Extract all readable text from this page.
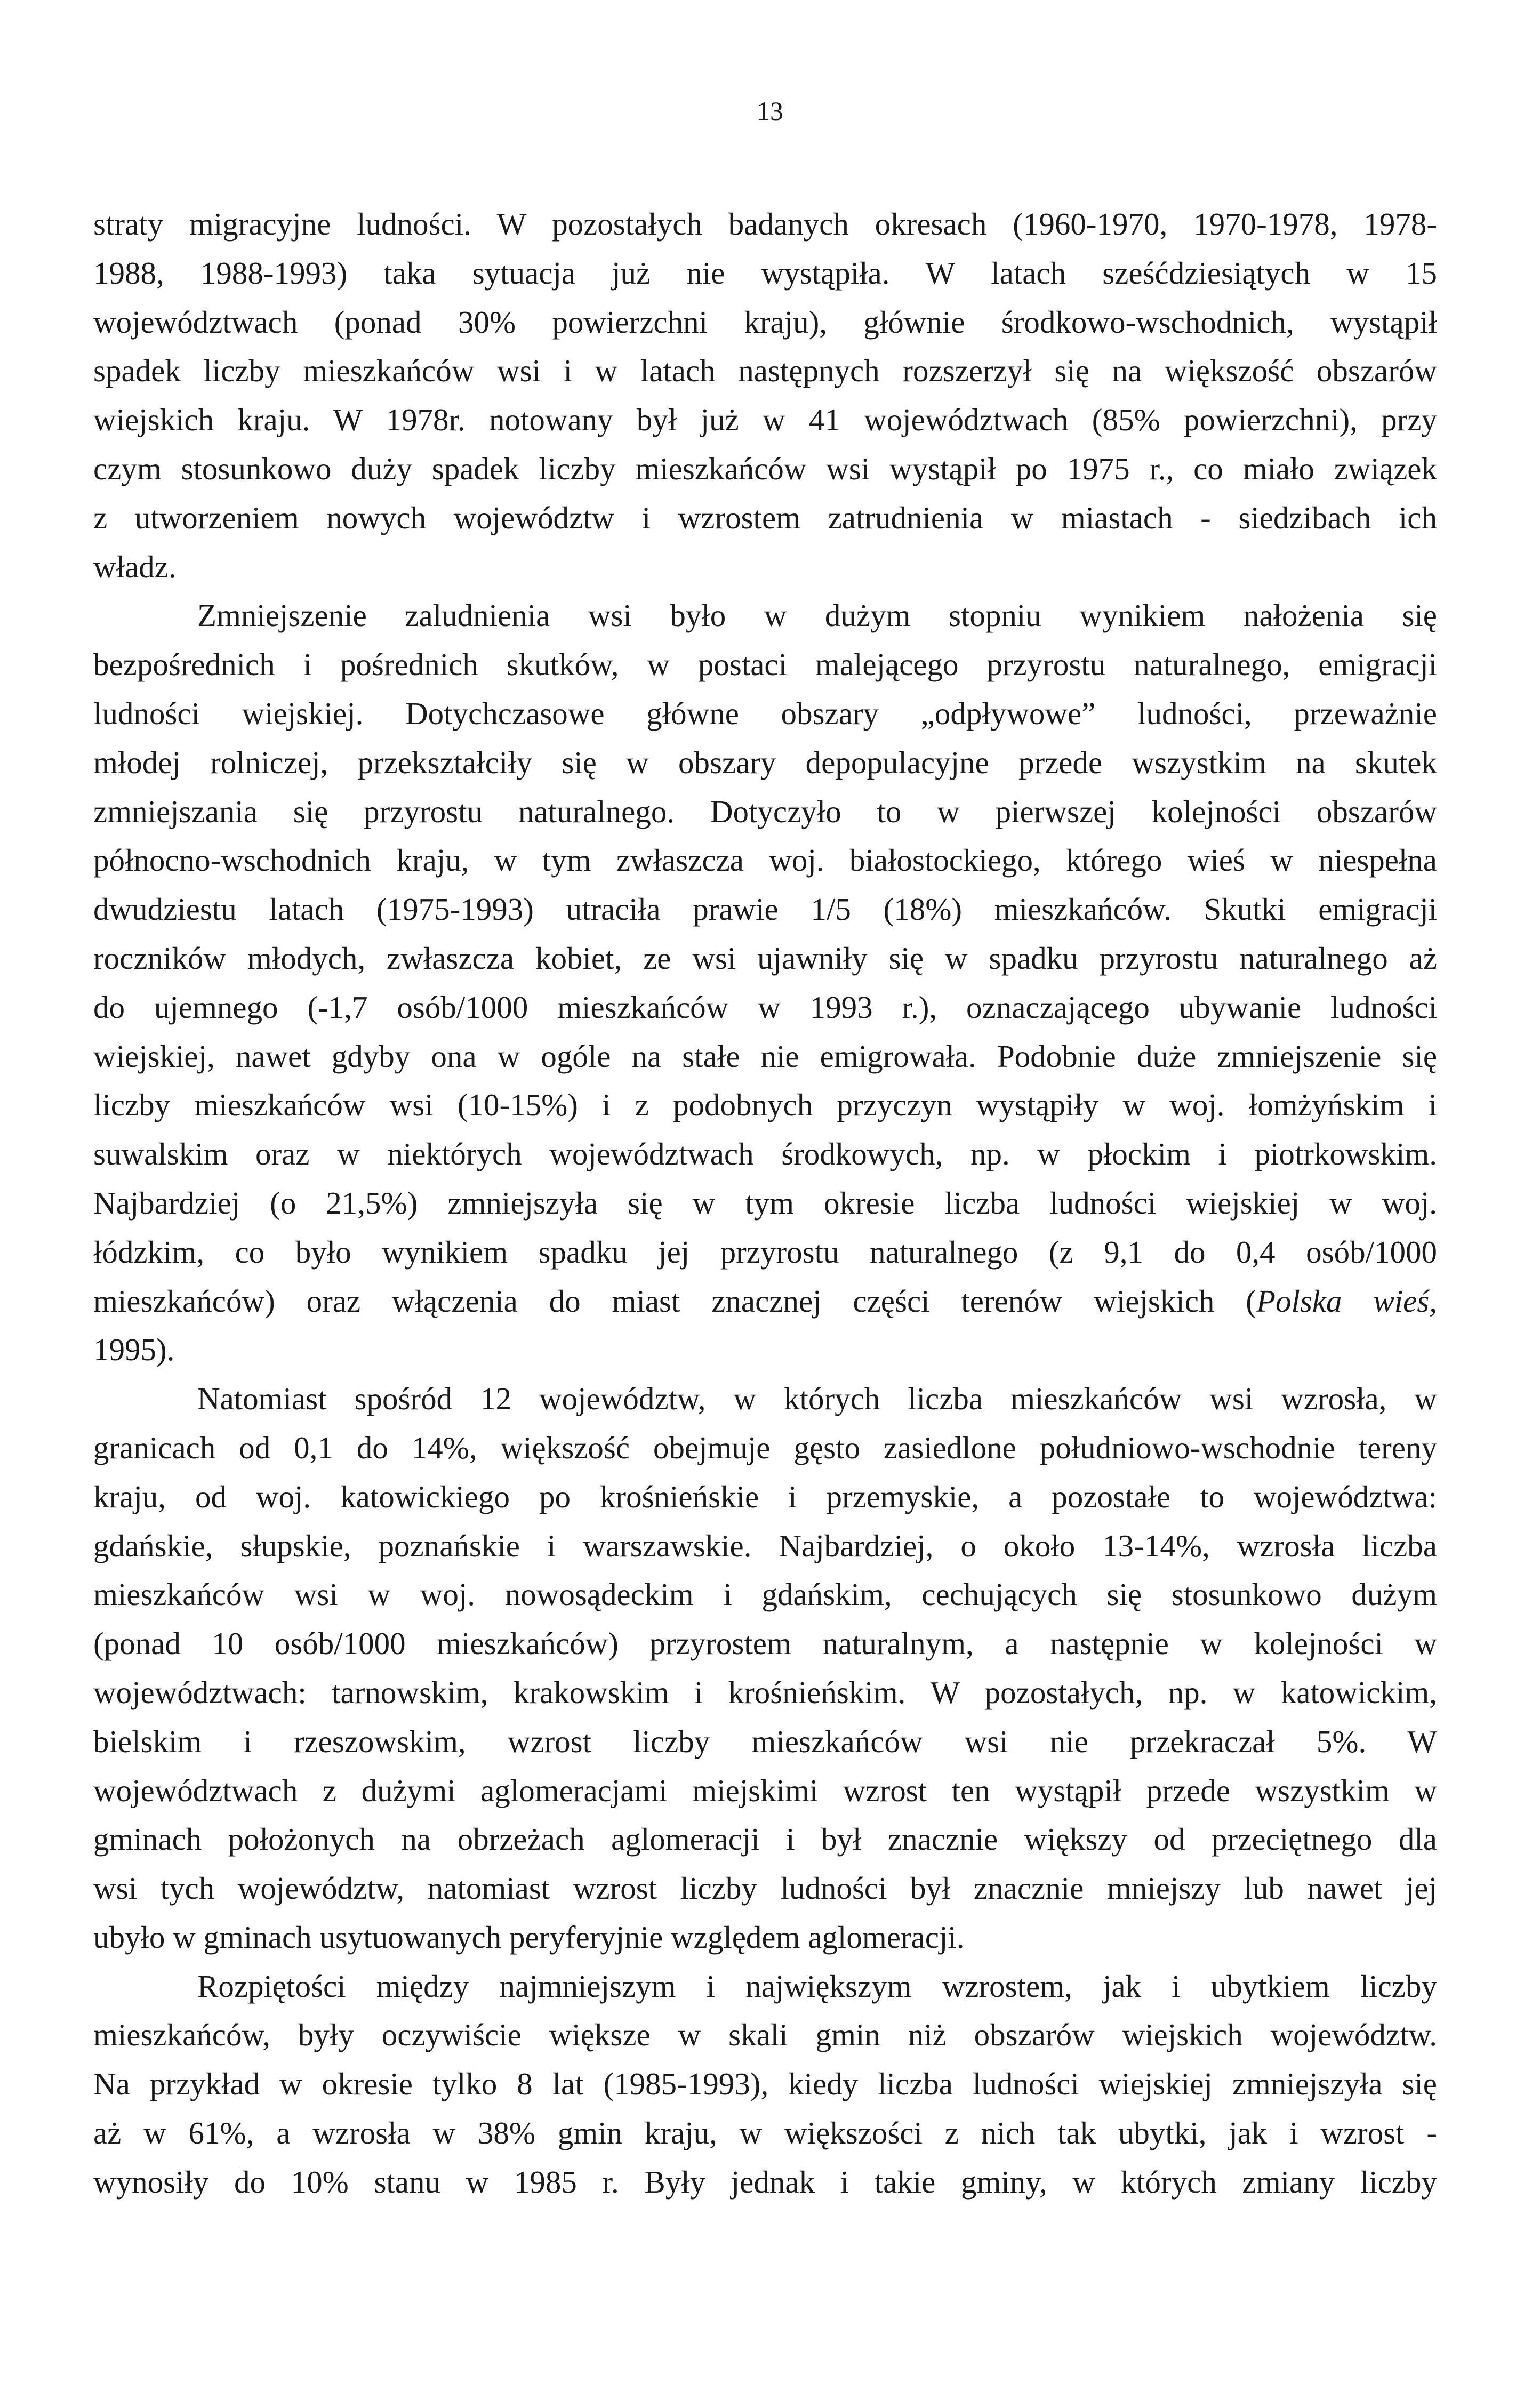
13

straty migracyjne ludności. W pozostałych badanych okresach (1960-1970, 1970-1978, 1978-
1988, 1988-1993) taka sytuacja już nie wystąpiła. W latach sześćdziesiątych w 15
województwach (ponad 30% powierzchni kraju), głównie środkowo-wschodnich, wystąpił
spadek liczby mieszkańców wsi i w latach następnych rozszerzył się na większość obszarów
wiejskich kraju. W 1978r. notowany był już w 41 województwach (85% powierzchni), przy
czym stosunkowo duży spadek liczby mieszkańców wsi wystąpił po 1975 r., co miało związek
z utworzeniem nowych województw i wzrostem zatrudnienia w miastach - siedzibach ich
władz.

Zmniejszenie zaludnienia wsi było w dużym stopniu wynikiem nałożenia się
bezpośrednich i pośrednich skutków, w postaci malejącego przyrostu naturalnego, emigracji
ludności wiejskiej. Dotychczasowe główne obszary „odpływowe” ludności, przeważnie
młodej rolniczej, przekształciły się w obszary depopulacyjne przede wszystkim na skutek
zmniejszania się przyrostu naturalnego. Dotyczyło to w pierwszej kolejności obszarów
północno-wschodnich kraju, w tym zwłaszcza woj. białostockiego, którego wieś w niespełna
dwudziestu latach (1975-1993) utraciła prawie 1/5 (18%) mieszkańców. Skutki emigracji
roczników młodych, zwłaszcza kobiet, ze wsi ujawniły się w spadku przyrostu naturalnego aż
do ujemnego (-1,7 osób/1000 mieszkańców w 1993 r.), oznaczającego ubywanie ludności
wiejskiej, nawet gdyby ona w ogóle na stałe nie emigrowała. Podobnie duże zmniejszenie się
liczby mieszkańców wsi (10-15%) i z podobnych przyczyn wystąpiły w woj. łomżyńskim i
suwalskim oraz w niektórych województwach środkowych, np. w płockim i piotrkowskim.
Najbardziej (o 21,5%) zmniejszyła się w tym okresie liczba ludności wiejskiej w woj.
łódzkim, co było wynikiem spadku jej przyrostu naturalnego (z 9,1 do 0,4 osób/1000
mieszkańców) oraz włączenia do miast znacznej części terenów wiejskich (Polska wieś,
1995).

Natomiast spośród 12 województw, w których liczba mieszkańców wsi wzrosła, w
granicach od 0,1 do 14%, większość obejmuje gęsto zasiedlone południowo-wschodnie tereny
kraju, od woj. katowickiego po krośnieńskie i przemyskie, a pozostałe to województwa:
gdańskie, słupskie, poznańskie i warszawskie. Najbardziej, o około 13-14%, wzrosła liczba
mieszkańców wsi w woj. nowosądeckim i gdańskim, cechujących się stosunkowo dużym
(ponad 10 osób/1000 mieszkańców) przyrostem naturalnym, a następnie w kolejności w
województwach: tarnowskim, krakowskim i krośnieńskim. W pozostałych, np. w katowickim,
bielskim i rzeszowskim, wzrost liczby mieszkańców wsi nie przekraczał 5%. W
województwach z dużymi aglomeracjami miejskimi wzrost ten wystąpił przede wszystkim w
gminach położonych na obrzeżach aglomeracji i był znacznie większy od przeciętnego dla
wsi tych województw, natomiast wzrost liczby ludności był znacznie mniejszy lub nawet jej
ubyło w gminach usytuowanych peryferyjnie względem aglomeracji.

Rozpiętości między najmniejszym i największym wzrostem, jak i ubytkiem liczby
mieszkańców, były oczywiście większe w skali gmin niż obszarów wiejskich województw.
Na przykład w okresie tylko 8 lat (1985-1993), kiedy liczba ludności wiejskiej zmniejszyła się
aż w 61%, a wzrosła w 38% gmin kraju, w większości z nich tak ubytki, jak i wzrost -
wynosiły do 10% stanu w 1985 r. Były jednak i takie gminy, w których zmiany liczby
